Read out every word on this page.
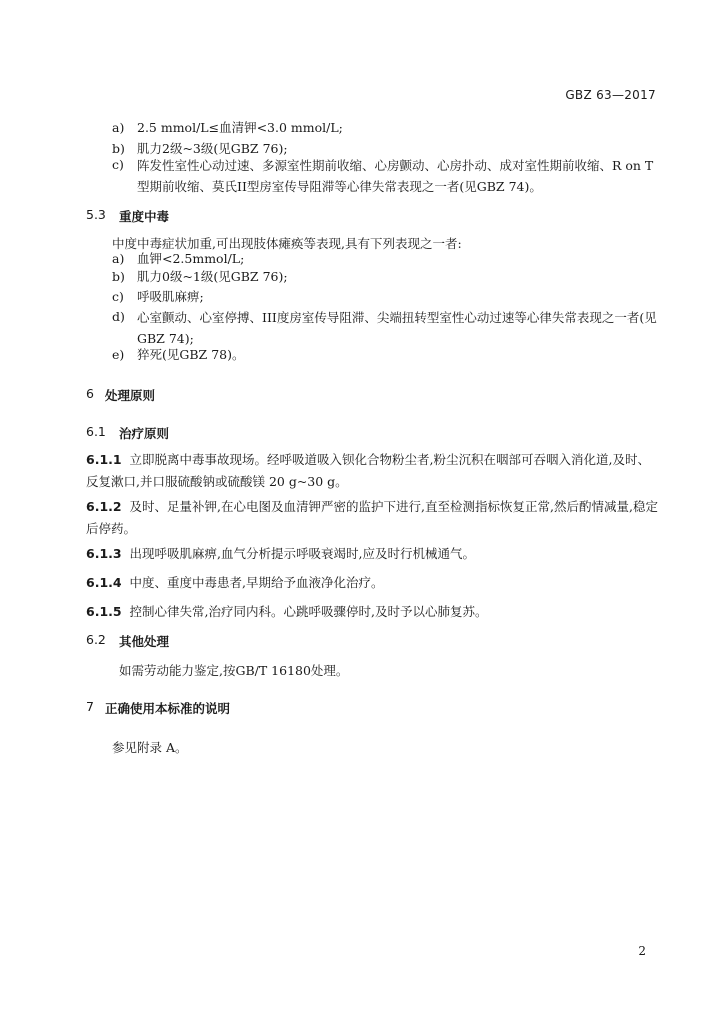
GBZ 63—2017
a) 2.5 mmol/L≤血清钾<3.0 mmol/L;
b) 肌力2级~3级(见GBZ 76);
c) 阵发性室性心动过速、多源室性期前收缩、心房颤动、心房扑动、成对室性期前收缩、R on T 型期前收缩、莫氏II型房室传导阻滞等心律失常表现之一者(见GBZ 74)。
5.3 重度中毒
中度中毒症状加重,可出现肢体瘫痪等表现,具有下列表现之一者:
a) 血钾<2.5mmol/L;
b) 肌力0级~1级(见GBZ 76);
c) 呼吸肌麻痹;
d) 心室颤动、心室停搏、III度房室传导阻滞、尖端扭转型室性心动过速等心律失常表现之一者(见GBZ 74);
e) 猝死(见GBZ 78)。
6 处理原则
6.1 治疗原则
6.1.1 立即脱离中毒事故现场。经呼吸道吸入钡化合物粉尘者,粉尘沉积在咽部可吞咽入消化道,及时、反复漱口,并口服硫酸钠或硫酸镁 20 g~30 g。
6.1.2 及时、足量补钾,在心电图及血清钾严密的监护下进行,直至检测指标恢复正常,然后酌情减量,稳定后停药。
6.1.3 出现呼吸肌麻痹,血气分析提示呼吸衰竭时,应及时行机械通气。
6.1.4 中度、重度中毒患者,早期给予血液净化治疗。
6.1.5 控制心律失常,治疗同内科。心跳呼吸骤停时,及时予以心肺复苏。
6.2 其他处理
如需劳动能力鉴定,按GB/T 16180处理。
7 正确使用本标准的说明
参见附录 A。
2
